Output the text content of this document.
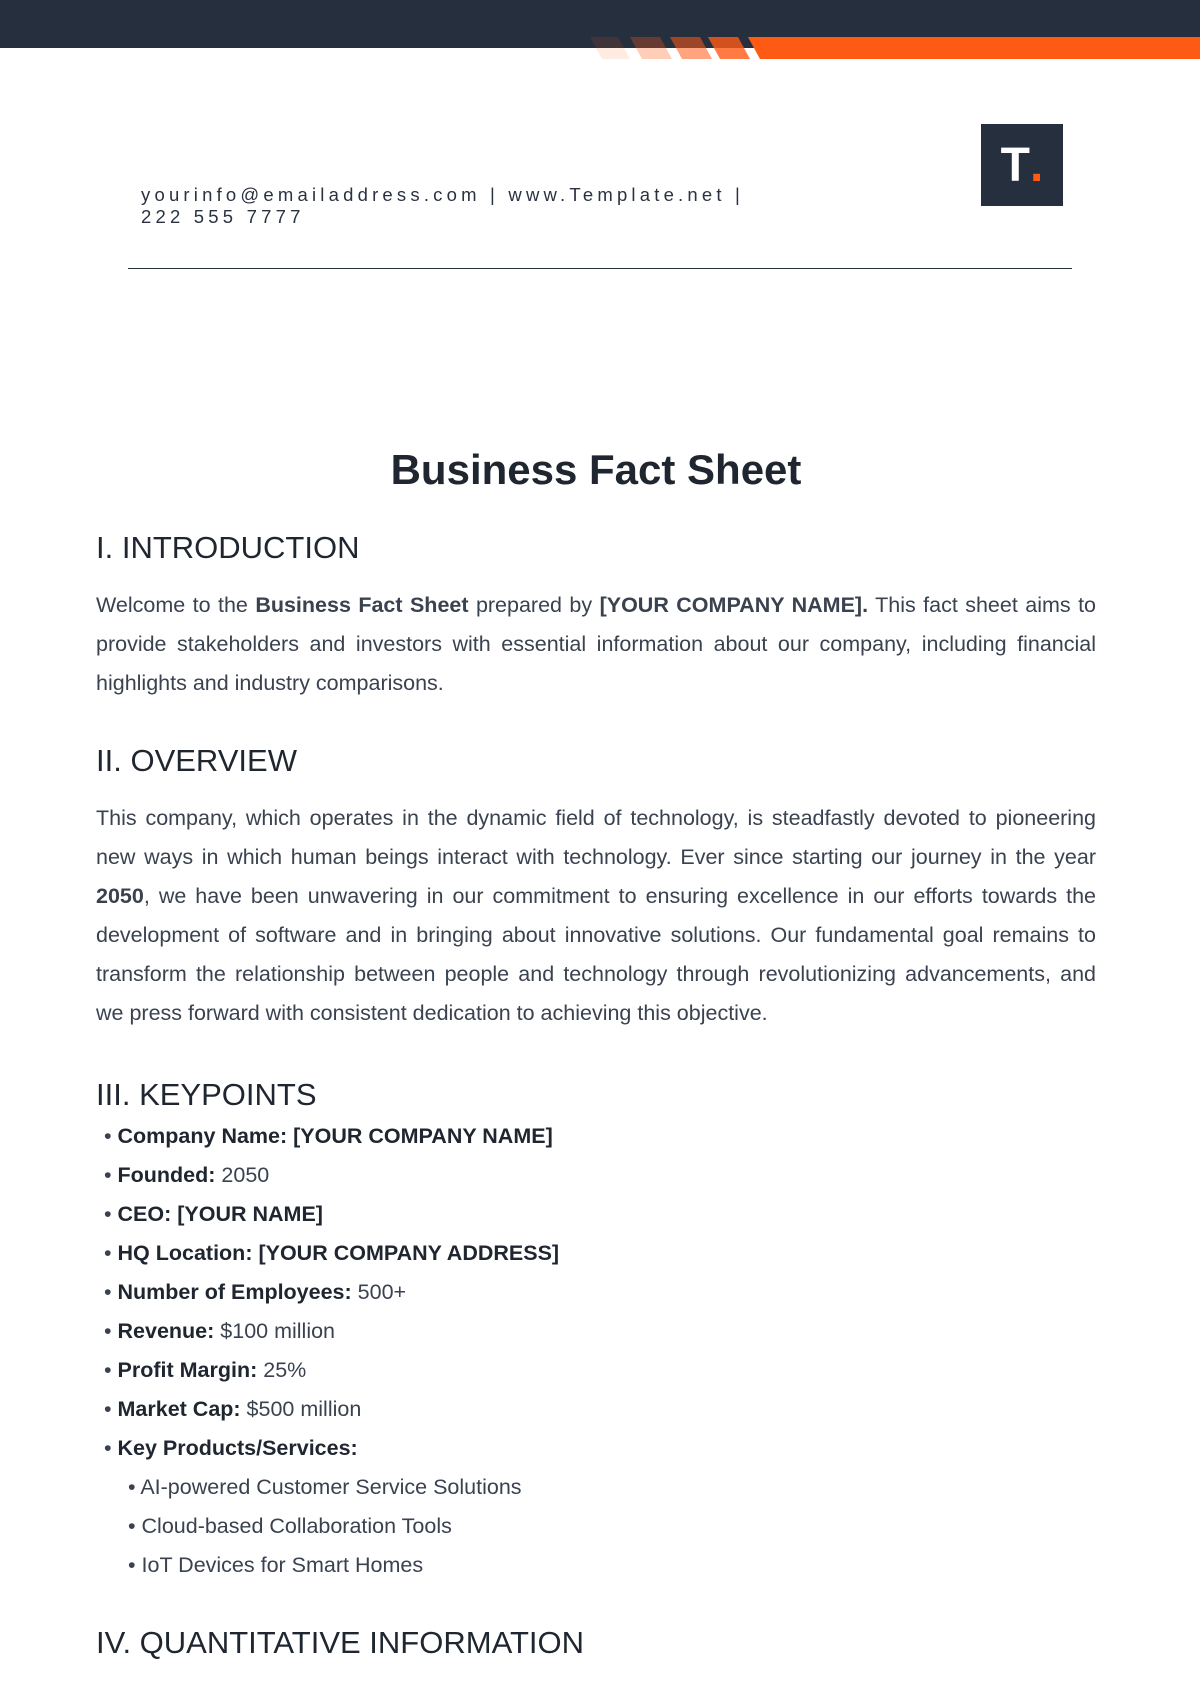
yourinfo@emailaddress.com | www.Template.net |
222 555 7777
T .
Business Fact Sheet
I. INTRODUCTION

Welcome to the Business Fact Sheet prepared by [YOUR COMPANY NAME]. This fact sheet aims to provide stakeholders and investors with essential information about our company, including financial highlights and industry comparisons.

II. OVERVIEW

This company, which operates in the dynamic field of technology, is steadfastly devoted to pioneering new ways in which human beings interact with technology. Ever since starting our journey in the year 2050, we have been unwavering in our commitment to ensuring excellence in our efforts towards the development of software and in bringing about innovative solutions. Our fundamental goal remains to transform the relationship between people and technology through revolutionizing advancements, and we press forward with consistent dedication to achieving this objective.

III. KEYPOINTS
• Company Name: [YOUR COMPANY NAME]
• Founded: 2050
• CEO: [YOUR NAME]
• HQ Location: [YOUR COMPANY ADDRESS]
• Number of Employees: 500+
• Revenue: $100 million
• Profit Margin: 25%
• Market Cap: $500 million
• Key Products/Services:
• AI-powered Customer Service Solutions
• Cloud-based Collaboration Tools
• IoT Devices for Smart Homes
IV. QUANTITATIVE INFORMATION
